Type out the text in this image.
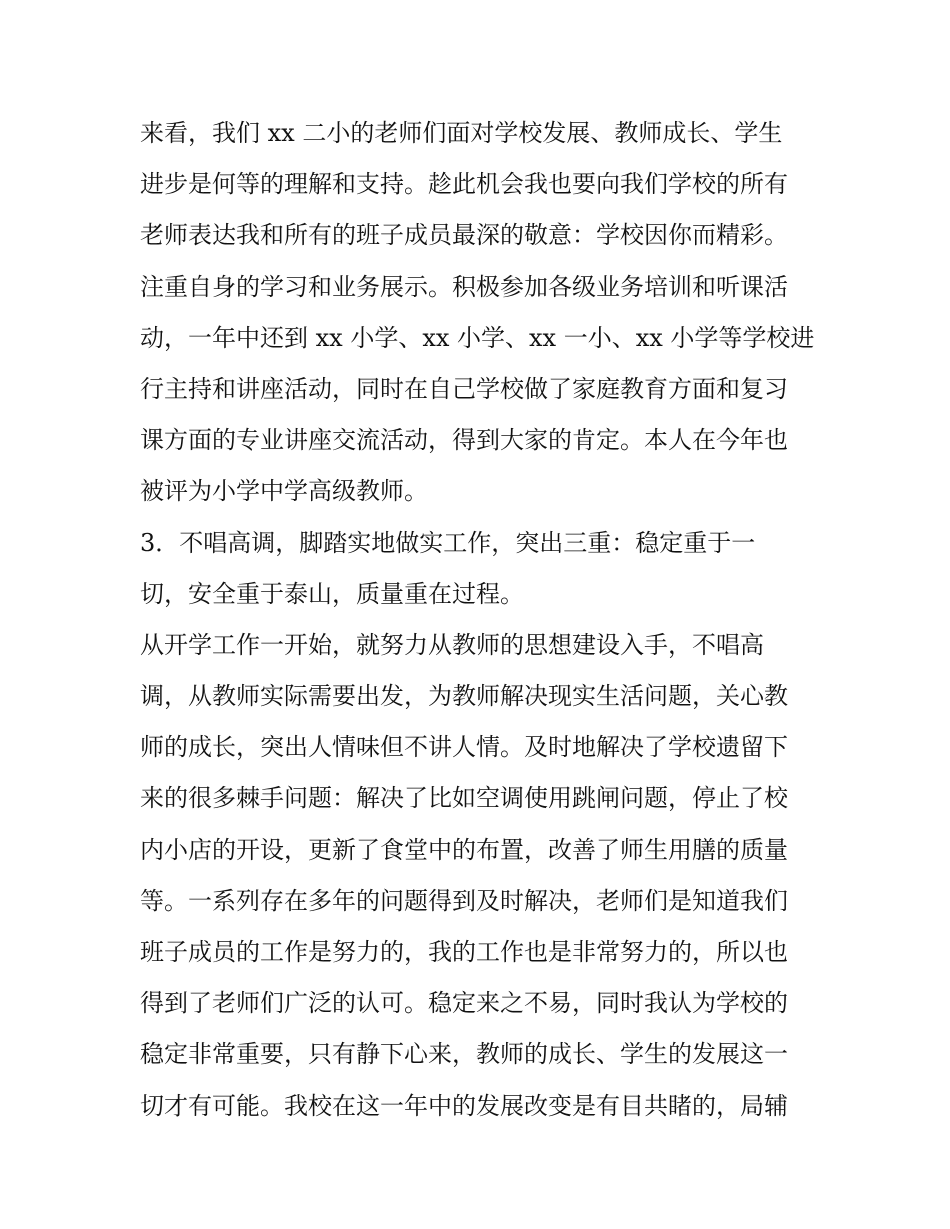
来看，我们 xx 二小的老师们面对学校发展、教师成长、学生

进步是何等的理解和支持。趁此机会我也要向我们学校的所有

老师表达我和所有的班子成员最深的敬意：学校因你而精彩。

注重自身的学习和业务展示。积极参加各级业务培训和听课活

动，一年中还到 xx 小学、xx 小学、xx 一小、xx 小学等学校进

行主持和讲座活动，同时在自己学校做了家庭教育方面和复习

课方面的专业讲座交流活动，得到大家的肯定。本人在今年也

被评为小学中学高级教师。

3．不唱高调，脚踏实地做实工作，突出三重：稳定重于一

切，安全重于泰山，质量重在过程。

从开学工作一开始，就努力从教师的思想建设入手，不唱高

调，从教师实际需要出发，为教师解决现实生活问题，关心教

师的成长，突出人情味但不讲人情。及时地解决了学校遗留下

来的很多棘手问题：解决了比如空调使用跳闸问题，停止了校

内小店的开设，更新了食堂中的布置，改善了师生用膳的质量

等。一系列存在多年的问题得到及时解决，老师们是知道我们

班子成员的工作是努力的，我的工作也是非常努力的，所以也

得到了老师们广泛的认可。稳定来之不易，同时我认为学校的

稳定非常重要，只有静下心来，教师的成长、学生的发展这一

切才有可能。我校在这一年中的发展改变是有目共睹的，局辅
